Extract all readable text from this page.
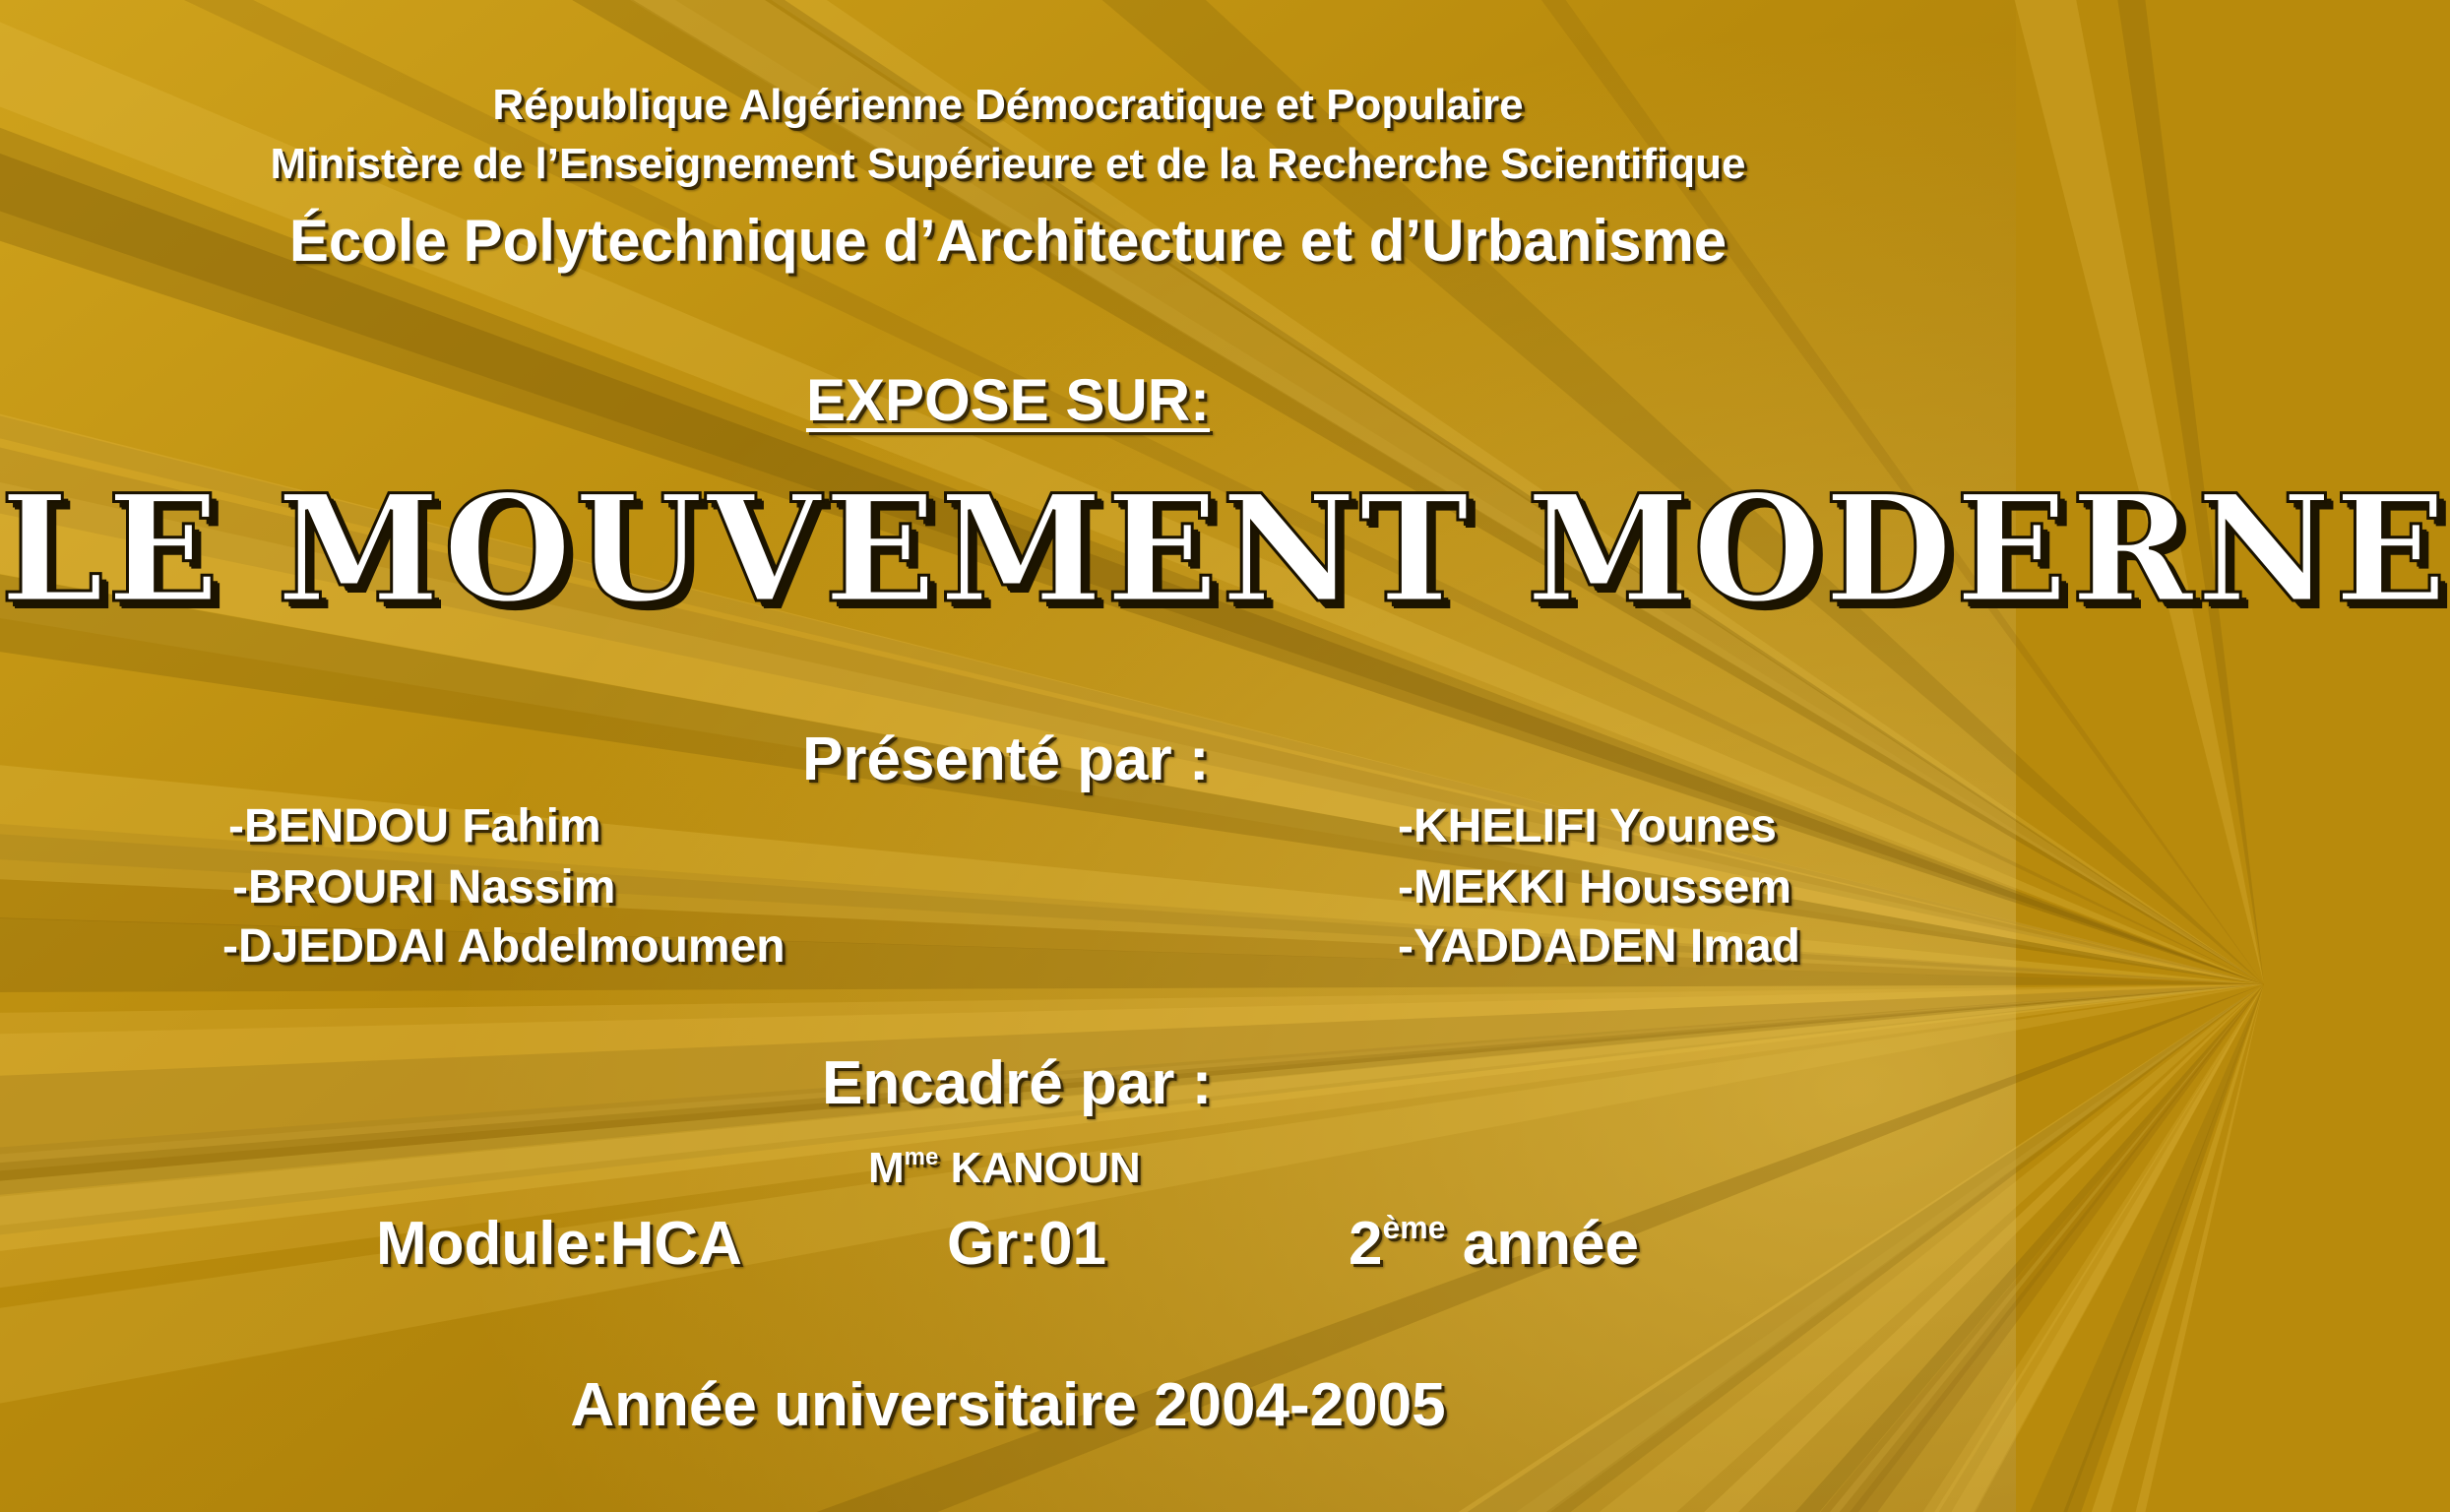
République Algérienne Démocratique et Populaire
Ministère de l’Enseignement Supérieure et de la Recherche Scientifique
École Polytechnique d’Architecture et d’Urbanisme
EXPOSE SUR:
LE MOUVEMENT MODERNE
Présenté par :
-BENDOU Fahim
-BROURI Nassim
-DJEDDAI Abdelmoumen
-KHELIFI Younes
-MEKKI Houssem
-YADDADEN Imad
Encadré par :
$M^{me}$ KANOUN
Module:HCA	Gr:01	2ème année
Année universitaire 2004-2005
